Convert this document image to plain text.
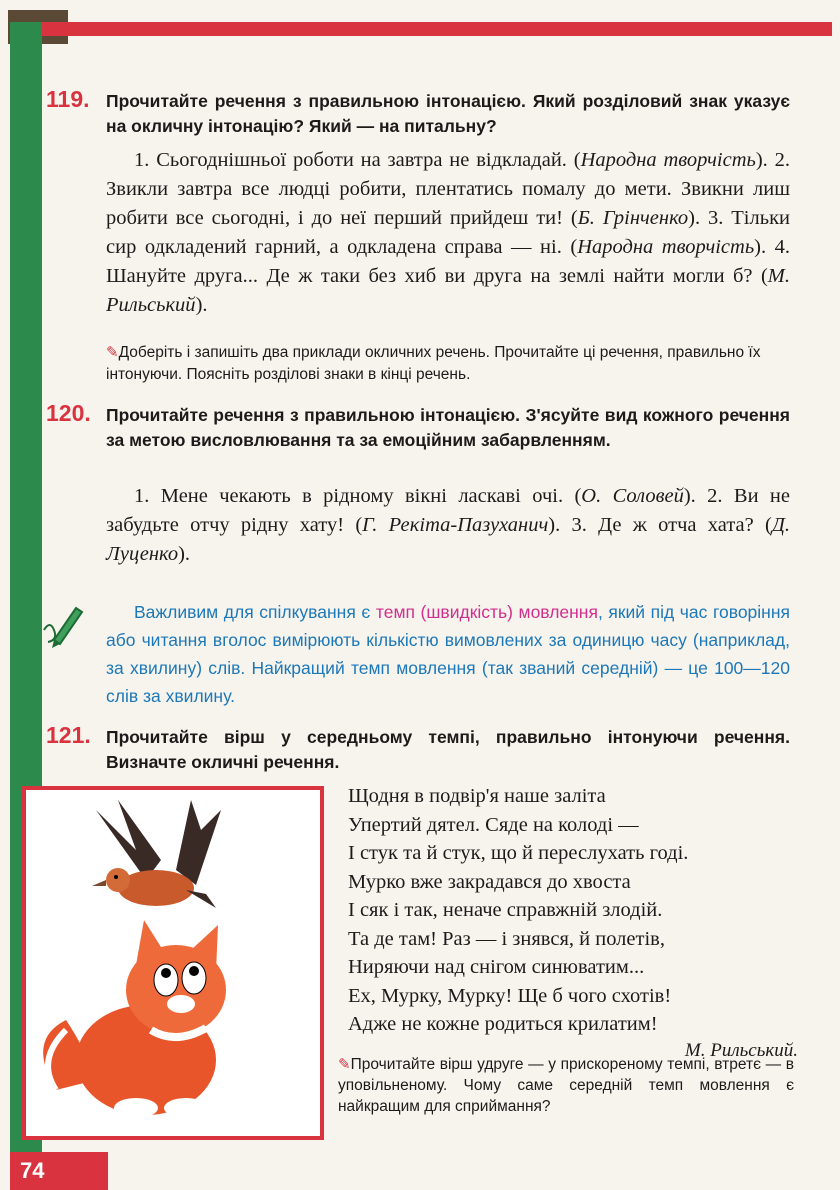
119. Прочитайте речення з правильною інтонацією. Який розділовий знак указує на окличну інтонацію? Який — на питальну?

1. Сьогоднішньої роботи на завтра не відкладай. (Народна творчість). 2. Звикли завтра все людці робити, плентатись помалу до мети. Звикни лиш робити все сьогодні, і до неї перший прийдеш ти! (Б. Грінченко). 3. Тільки сир одкладений гарний, а одкладена справа — ні. (Народна творчість). 4. Шануйте друга... Де ж таки без хиб ви друга на землі найти могли б? (М. Рильський).

✎Доберіть і запишіть два приклади окличних речень. Прочитайте ці речення, правильно їх інтонуючи. Поясніть розділові знаки в кінці речень.
120. Прочитайте речення з правильною інтонацією. З'ясуйте вид кожного речення за метою висловлювання та за емоційним забарвленням.

1. Мене чекають в рідному вікні ласкаві очі. (О. Соловей). 2. Ви не забудьте отчу рідну хату! (Г. Реκіта-Пазуханич). 3. Де ж отча хата? (Д. Луценко).

Важливим для спілкування є темп (швидкість) мовлення, який під час говоріння або читання вголос вимірюють кількістю вимовлених за одиницю часу (наприклад, за хвилину) слів. Найкращий темп мовлення (так званий середній) — це 100—120 слів за хвилину.
121. Прочитайте вірш у середньому темпі, правильно інтонуючи речення. Визначте окличні речення.
Щодня в подвір'я наше заліта
Упертий дятел. Сяде на колоді —
І стук та й стук, що й переслухать годі.
Мурко вже закрадався до хвоста
І сяк і так, неначе справжній злодій.
Та де там! Раз — і знявся, й полетів,
Ниряючи над снігом синюватим...
Ех, Мурку, Мурку! Ще б чого схотів!
Адже не кожне родиться крилатим!
М. Рильський.
✎Прочитайте вірш удруге — у прискореному темпі, втретє — в уповільненому. Чому саме середній темп мовлення є найкращим для сприймання?
74
